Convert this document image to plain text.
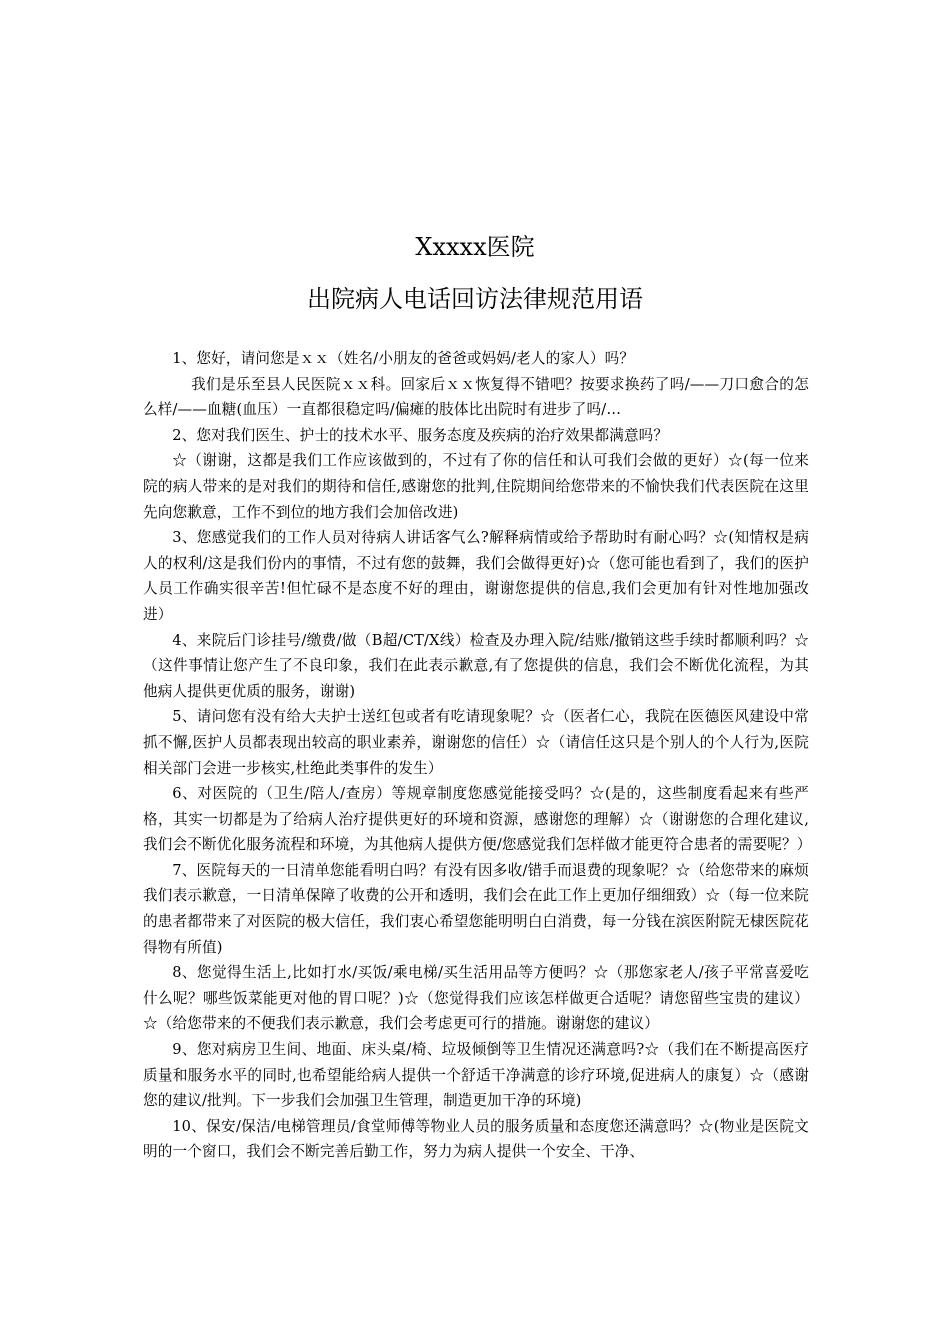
Xxxxx医院
出院病人电话回访法律规范用语

1、您好，请问您是ｘｘ（姓名/小朋友的爸爸或妈妈/老人的家人）吗？

我们是乐至县人民医院ｘｘ科。回家后ｘｘ恢复得不错吧？按要求换药了吗/——刀口愈合的怎么样/——血糖(血压）一直都很稳定吗/偏瘫的肢体比出院时有进步了吗/…

2、您对我们医生、护士的技术水平、服务态度及疾病的治疗效果都满意吗？

☆（谢谢，这都是我们工作应该做到的，不过有了你的信任和认可我们会做的更好）☆(每一位来院的病人带来的是对我们的期待和信任,感谢您的批判,住院期间给您带来的不愉快我们代表医院在这里先向您歉意，工作不到位的地方我们会加倍改进)

3、您感觉我们的工作人员对待病人讲话客气么?解释病情或给予帮助时有耐心吗？☆(知情权是病人的权利/这是我们份内的事情，不过有您的鼓舞，我们会做得更好)☆（您可能也看到了，我们的医护人员工作确实很辛苦!但忙碌不是态度不好的理由，谢谢您提供的信息,我们会更加有针对性地加强改进）

4、来院后门诊挂号/缴费/做（B超/CT/X线）检查及办理入院/结账/撤销这些手续时都顺利吗？☆（这件事情让您产生了不良印象，我们在此表示歉意,有了您提供的信息，我们会不断优化流程，为其他病人提供更优质的服务，谢谢)

5、请问您有没有给大夫护士送红包或者有吃请现象呢？☆（医者仁心，我院在医德医风建设中常抓不懈,医护人员都表现出较高的职业素养，谢谢您的信任）☆（请信任这只是个别人的个人行为,医院相关部门会进一步核实,杜绝此类事件的发生）

6、对医院的（卫生/陪人/查房）等规章制度您感觉能接受吗？☆(是的，这些制度看起来有些严格，其实一切都是为了给病人治疗提供更好的环境和资源，感谢您的理解）☆（谢谢您的合理化建议,我们会不断优化服务流程和环境，为其他病人提供方便/您感觉我们怎样做才能更符合患者的需要呢？）

7、医院每天的一日清单您能看明白吗？有没有因多收/错手而退费的现象呢？☆（给您带来的麻烦我们表示歉意，一日清单保障了收费的公开和透明，我们会在此工作上更加仔细细致）☆（每一位来院的患者都带来了对医院的极大信任，我们衷心希望您能明明白白消费，每一分钱在滨医附院无棣医院花得物有所值)

8、您觉得生活上,比如打水/买饭/乘电梯/买生活用品等方便吗？☆（那您家老人/孩子平常喜爱吃什么呢？哪些饭菜能更对他的胃口呢？)☆（您觉得我们应该怎样做更合适呢？请您留些宝贵的建议）☆（给您带来的不便我们表示歉意，我们会考虑更可行的措施。谢谢您的建议）

9、您对病房卫生间、地面、床头桌/椅、垃圾倾倒等卫生情况还满意吗?☆（我们在不断提高医疗质量和服务水平的同时,也希望能给病人提供一个舒适干净满意的诊疗环境,促进病人的康复）☆（感谢您的建议/批判。下一步我们会加强卫生管理，制造更加干净的环境)

10、保安/保洁/电梯管理员/食堂师傅等物业人员的服务质量和态度您还满意吗？☆(物业是医院文明的一个窗口，我们会不断完善后勤工作，努力为病人提供一个安全、干净、
